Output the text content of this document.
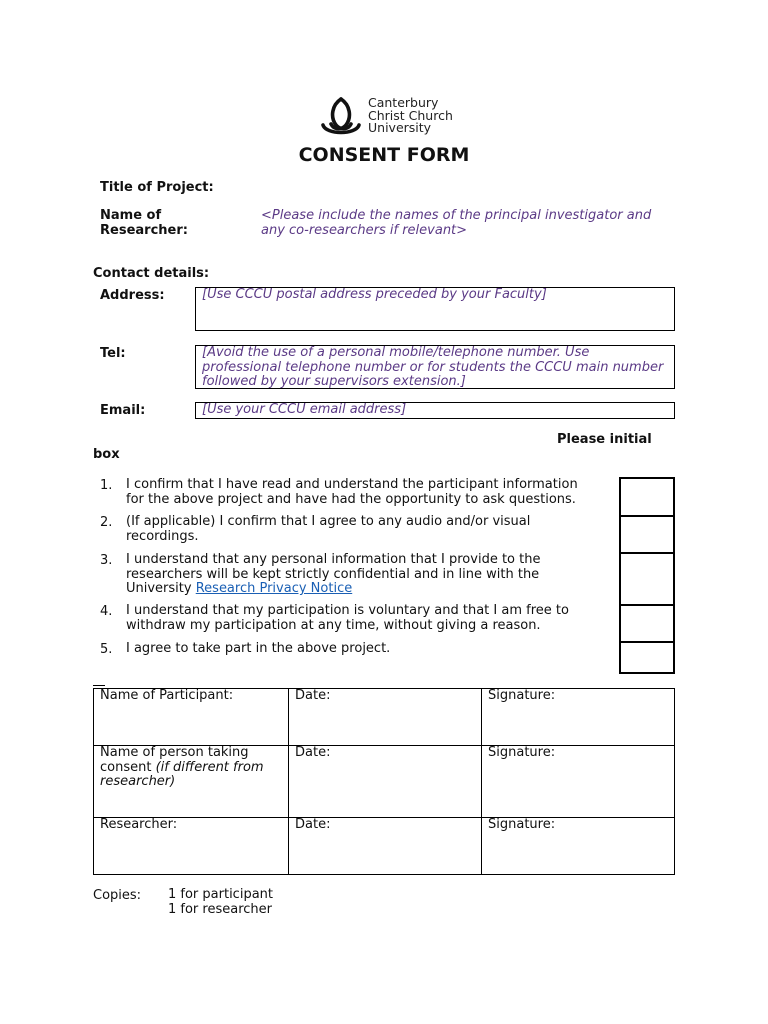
Canterbury
Christ Church
University
CONSENT FORM
Title of Project:
Name of
Researcher:
<Please include the names of the principal investigator and
any co-researchers if relevant>
Contact details:
Address:	[Use CCCU postal address preceded by your Faculty]
Tel:	[Avoid the use of a personal mobile/telephone number. Use
professional telephone number or for students the CCCU main number
followed by your supervisors extension.]
Email:	[Use your CCCU email address]
Please initial
box
1. I confirm that I have read and understand the participant information
for the above project and have had the opportunity to ask questions.
2. (If applicable) I confirm that I agree to any audio and/or visual
recordings.
3. I understand that any personal information that I provide to the
researchers will be kept strictly confidential and in line with the
University Research Privacy Notice
4. I understand that my participation is voluntary and that I am free to
withdraw my participation at any time, without giving a reason.
5. I agree to take part in the above project.
Name of Participant:	Date:	Signature:

Name of person taking
consent (if different from
researcher)	Date:	Signature:
Researcher:	Date:	Signature:
Copies: 1 for participant
1 for researcher
